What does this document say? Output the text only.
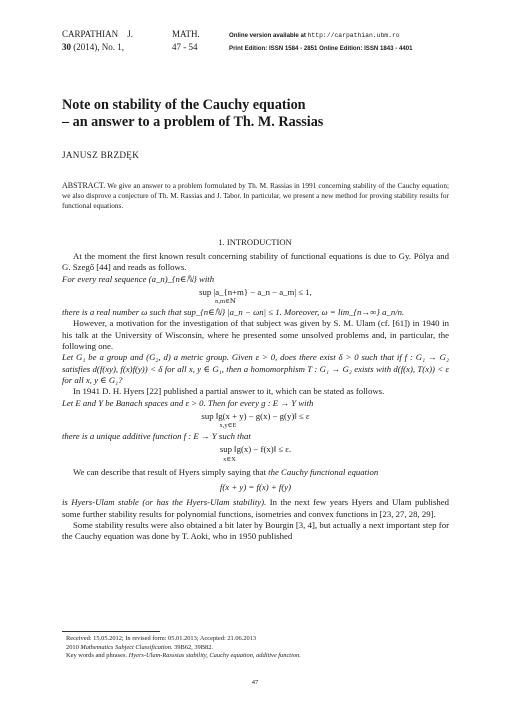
CARPATHIAN J.	MATH.	Online version available at http://carpathian.ubm.ro
30 (2014), No. 1,	47 - 54	Print Edition: ISSN 1584 - 2851 Online Edition: ISSN 1843 - 4401
Note on stability of the Cauchy equation
– an answer to a problem of Th. M. Rassias
JANUSZ BRZDĘK
ABSTRACT. We give an answer to a problem formulated by Th. M. Rassias in 1991 concerning stability of the Cauchy equation; we also disprove a conjecture of Th. M. Rassias and J. Tabor. In particular, we present a new method for proving stability results for functional equations.
1. INTRODUCTION

At the moment the first known result concerning stability of functional equations is due to Gy. Pólya and G. Szegő [44] and reads as follows.

For every real sequence (a_n)_{n∈ℕ} with

sup |a_{n+m} − a_n − a_m| ≤ 1,
n,m∈ℕ

there is a real number ω such that sup_{n∈ℕ} |a_n − ωn| ≤ 1. Moreover, ω = lim_{n→∞} a_n/n.

However, a motivation for the investigation of that subject was given by S. M. Ulam (cf. [61]) in 1940 in his talk at the University of Wisconsin, where he presented some unsolved problems and, in particular, the following one.

Let G₁ be a group and (G₂, d) a metric group. Given ε > 0, does there exist δ > 0 such that if f : G₁ → G₂ satisfies d(f(xy), f(x)f(y)) < δ for all x, y ∈ G₁, then a homomorphism T : G₁ → G₂ exists with d(f(x), T(x)) < ε for all x, y ∈ G₁?

In 1941 D. H. Hyers [22] published a partial answer to it, which can be stated as follows.

Let E and Y be Banach spaces and ε > 0. Then for every g : E → Y with

sup ‖g(x + y) − g(x) − g(y)‖ ≤ ε
x,y∈E

there is a unique additive function f : E → Y such that

sup ‖g(x) − f(x)‖ ≤ ε.
x∈X

We can describe that result of Hyers simply saying that the Cauchy functional equation

f(x + y) = f(x) + f(y)

is Hyers-Ulam stable (or has the Hyers-Ulam stability). In the next few years Hyers and Ulam published some further stability results for polynomial functions, isometries and convex functions in [23, 27, 28, 29].

Some stability results were also obtained a bit later by Bourgin [3, 4], but actually a next important step for the Cauchy equation was done by T. Aoki, who in 1950 published

Received: 15.05.2012; In revised form: 05.01.2013; Accepted: 21.06.2013
2010 Mathematics Subject Classification. 39B62, 39B82.
Key words and phrases. Hyers-Ulam-Rasssias stability, Cauchy equation, additive function.
47
